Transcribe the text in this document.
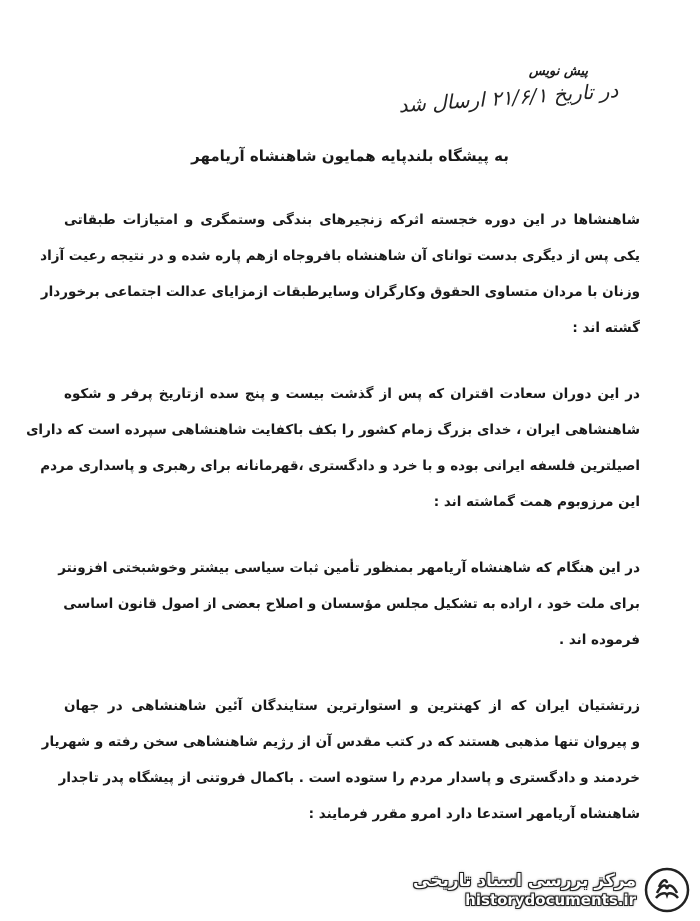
پیش نویس
در تاریخ ۲۱/۶/۱ ارسال شد
به پیشگاه بلندپایه همایون شاهنشاه آریامهر
شاهنشاها در این دوره خجسته اثرکه زنجیرهای بندگی وستمگری و امتیازات طبقاتی
یکی پس از دیگری بدست توانای آن شاهنشاه بافروجاه ازهم پاره شده و در نتیجه رعیت آزاد
وزنان با مردان متساوی الحقوق وکارگران وسایرطبقات ازمزایای عدالت اجتماعی برخوردار
گشته اند :
در این دوران سعادت اقتران که پس از گذشت بیست و پنج سده ازتاریخ پرفر و شکوه
شاهنشاهی ایران ، خدای بزرگ زمام کشور را بکف باکفایت شاهنشاهی سپرده است که دارای
اصیلترین فلسفه ایرانی بوده و با خرد و دادگستری ،قهرمانانه برای رهبری و پاسداری مردم
این مرزوبوم همت گماشته اند :
در این هنگام که شاهنشاه آریامهر بمنظور تأمین ثبات سیاسی بیشتر وخوشبختی افزونتر
برای ملت خود ، اراده به تشکیل مجلس مؤسسان و اصلاح بعضی از اصول قانون اساسی
فرموده اند .
زرتشتیان ایران که از کهنترین و استوارترین ستایندگان آئین شاهنشاهی در جهان
و پیروان تنها مذهبی هستند که در کتب مقدس آن از رژیم شاهنشاهی سخن رفته و شهریار
خردمند و دادگستری و پاسدار مردم را ستوده است . باکمال فروتنی از پیشگاه پدر تاجدار
شاهنشاه آریامهر استدعا دارد امرو مقرر فرمایند :
مرکز بررسی اسناد تاریخی
historydocuments.ir
